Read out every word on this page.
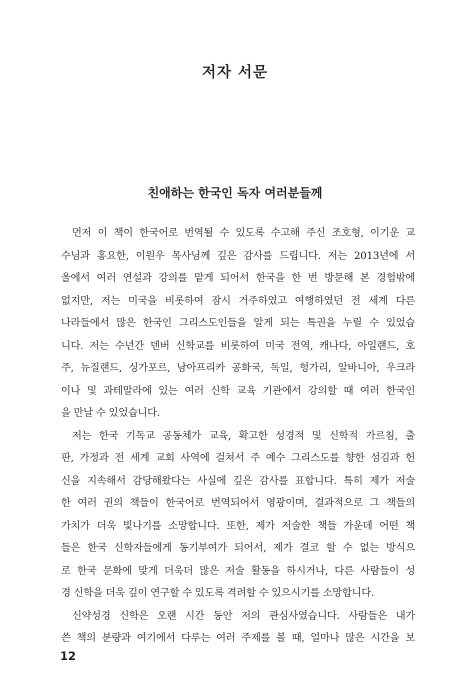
저자 서문
친애하는 한국인 독자 여러분들께
먼저 이 책이 한국어로 번역될 수 있도록 수고해 주신 조호형, 이기운 교
수님과 홍요한, 이원우 목사님께 깊은 감사를 드립니다. 저는 2013년에 서
울에서 여러 연설과 강의를 맡게 되어서 한국을 한 번 방문해 본 경험밖에
없지만, 저는 미국을 비롯하여 잠시 거주하였고 여행하였던 전 세계 다른
나라들에서 많은 한국인 그리스도인들을 알게 되는 특권을 누릴 수 있었습
니다. 저는 수년간 덴버 신학교를 비롯하여 미국 전역, 캐나다, 아일랜드, 호
주, 뉴질랜드, 싱가포르, 남아프리카 공화국, 독일, 헝가리, 알바니아, 우크라
이나 및 과테말라에 있는 여러 신학 교육 기관에서 강의할 때 여러 한국인
을 만날 수 있었습니다.
저는 한국 기독교 공동체가 교육, 확고한 성경적 및 신학적 가르침, 출
판, 가정과 전 세계 교회 사역에 걸쳐서 주 예수 그리스도를 향한 섬김과 헌
신을 지속해서 감당해왔다는 사실에 깊은 감사를 표합니다. 특히 제가 저술
한 여러 권의 책들이 한국어로 번역되어서 영광이며, 결과적으로 그 책들의
가치가 더욱 빛나기를 소망합니다. 또한, 제가 저술한 책들 가운데 어떤 책
들은 한국 신학자들에게 동기부여가 되어서, 제가 결코 할 수 없는 방식으
로 한국 문화에 맞게 더욱더 많은 저술 활동을 하시거나, 다른 사람들이 성
경 신학을 더욱 깊이 연구할 수 있도록 격려할 수 있으시기를 소망합니다.
신약성경 신학은 오랜 시간 동안 저의 관심사였습니다. 사람들은 내가
쓴 책의 분량과 여기에서 다루는 여러 주제를 볼 때, 얼마나 많은 시간을 보
12
